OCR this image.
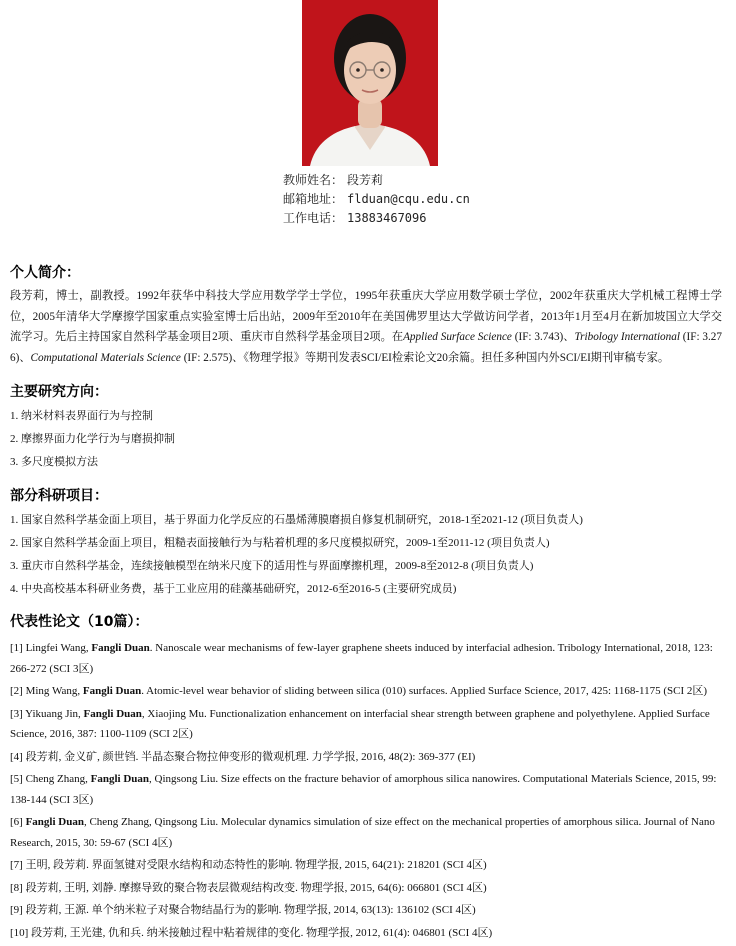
教师姓名： 段芳莉
邮箱地址： flduan@cqu.edu.cn
工作电话： 13883467096
个人简介：
段芳莉，博士，副教授。1992年获华中科技大学应用数学学士学位，1995年获重庆大学应用数学硕士学位，2002年获重庆大学机械工程博士学位，2005年清华大学摩擦学国家重点实验室博士后出站，2009年至2010年在美国佛罗里达大学做访问学者，2013年1月至4月在新加坡国立大学交流学习。先后主持国家自然科学基金项目2项、重庆市自然科学基金项目2项。在Applied Surface Science (IF: 3.743)、Tribology International (IF: 3.276)、Computational Materials Science (IF: 2.575)、《物理学报》等期刊发表SCI/EI检索论文20余篇。担任多种国内外SCI/EI期刊审稿专家。
主要研究方向：
1. 纳米材料表界面行为与控制
2. 摩擦界面力化学行为与磨损抑制
3. 多尺度模拟方法
部分科研项目：
1. 国家自然科学基金面上项目，基于界面力化学反应的石墨烯薄膜磨损自修复机制研究，2018-1至2021-12 (项目负责人)
2. 国家自然科学基金面上项目，粗糙表面接触行为与粘着机理的多尺度模拟研究，2009-1至2011-12 (项目负责人)
3. 重庆市自然科学基金，连续接触模型在纳米尺度下的适用性与界面摩擦机理，2009-8至2012-8 (项目负责人)
4. 中央高校基本科研业务费，基于工业应用的硅藻基础研究，2012-6至2016-5 (主要研究成员)
代表性论文（10篇）：

[1] Lingfei Wang, Fangli Duan. Nanoscale wear mechanisms of few-layer graphene sheets induced by interfacial adhesion. Tribology International, 2018, 123: 266-272 (SCI 3区)

[2] Ming Wang, Fangli Duan. Atomic-level wear behavior of sliding between silica (010) surfaces. Applied Surface Science, 2017, 425: 1168-1175 (SCI 2区)

[3] Yikuang Jin, Fangli Duan, Xiaojing Mu. Functionalization enhancement on interfacial shear strength between graphene and polyethylene. Applied Surface Science, 2016, 387: 1100-1109 (SCI 2区)

[4] 段芳莉, 金义矿, 颜世铛. 半晶态聚合物拉伸变形的微观机理. 力学学报, 2016, 48(2): 369-377 (EI)

[5] Cheng Zhang, Fangli Duan, Qingsong Liu. Size effects on the fracture behavior of amorphous silica nanowires. Computational Materials Science, 2015, 99: 138-144 (SCI 3区)

[6] Fangli Duan, Cheng Zhang, Qingsong Liu. Molecular dynamics simulation of size effect on the mechanical properties of amorphous silica. Journal of Nano Research, 2015, 30: 59-67 (SCI 4区)

[7] 王明, 段芳莉. 界面氢键对受限水结构和动态特性的影响. 物理学报, 2015, 64(21): 218201 (SCI 4区)

[8] 段芳莉, 王明, 刘静. 摩擦导致的聚合物表层微观结构改变. 物理学报, 2015, 64(6): 066801 (SCI 4区)

[9] 段芳莉, 王源. 单个纳米粒子对聚合物结晶行为的影响. 物理学报, 2014, 63(13): 136102 (SCI 4区)

[10] 段芳莉, 王光建, 仇和兵. 纳米接触过程中粘着规律的变化. 物理学报, 2012, 61(4): 046801 (SCI 4区)
